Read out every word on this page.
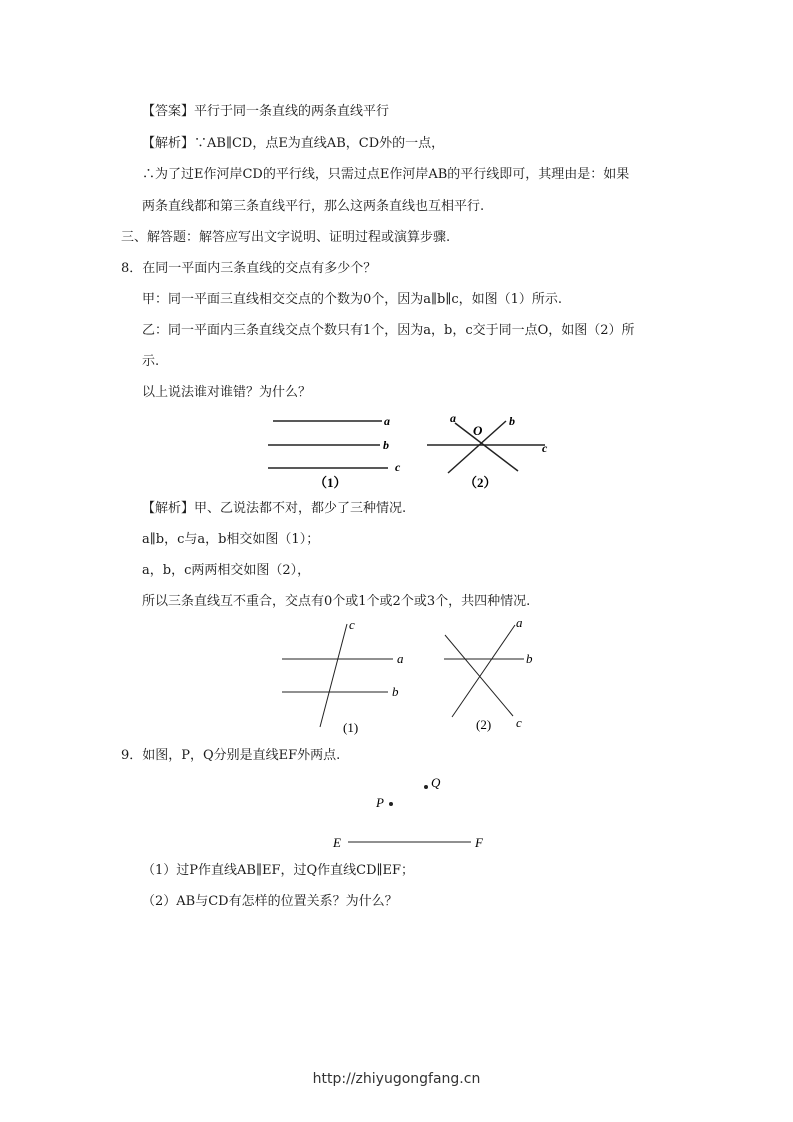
【答案】平行于同一条直线的两条直线平行
【解析】∵AB∥CD，点E为直线AB，CD外的一点，
∴为了过E作河岸CD的平行线，只需过点E作河岸AB的平行线即可，其理由是：如果
两条直线都和第三条直线平行，那么这两条直线也互相平行.
三、解答题：解答应写出文字说明、证明过程或演算步骤.
8．在同一平面内三条直线的交点有多少个？
甲：同一平面三直线相交交点的个数为0个，因为a∥b∥c，如图（1）所示.
乙：同一平面内三条直线交点个数只有1个，因为a，b，c交于同一点O，如图（2）所
示.
以上说法谁对谁错？为什么？
a
b
c
（1）
a
O
b
c
（2）
【解析】甲、乙说法都不对，都少了三种情况.
a∥b，c与a，b相交如图（1）；
a，b，c两两相交如图（2），
所以三条直线互不重合，交点有0个或1个或2个或3个，共四种情况.
c
a
b
(1)
a
b
c
(2)
9．如图，P，Q分别是直线EF外两点.
Q
P
E	F
（1）过P作直线AB∥EF，过Q作直线CD∥EF；
（2）AB与CD有怎样的位置关系？为什么？
http://zhiyugongfang.cn
